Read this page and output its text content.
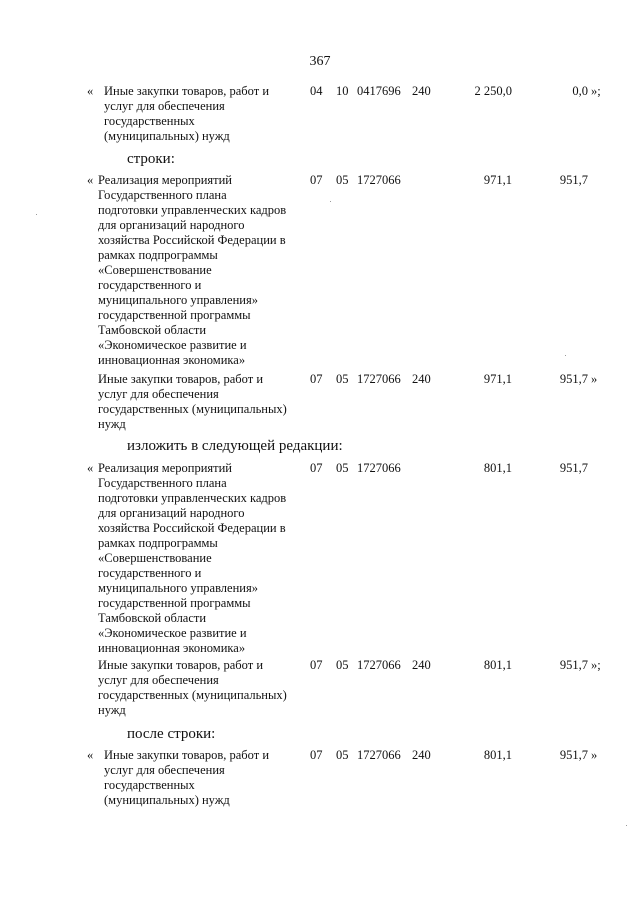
367
« Иные закупки товаров, работ и
услуг для обеспечения
государственных
(муниципальных) нужд
04 10 0417696 240	2 250,0	0,0 »;
строки:
« Реализация мероприятий
Государственного плана
подготовки управленческих кадров
для организаций народного
хозяйства Российской Федерации в
рамках подпрограммы
«Совершенствование
государственного и
муниципального управления»
государственной программы
Тамбовской области
«Экономическое развитие и
инновационная экономика»
07 05 1727066	971,1	951,7
Иные закупки товаров, работ и
услуг для обеспечения
государственных (муниципальных)
нужд
07 05 1727066 240	971,1	951,7 »
изложить в следующей редакции:
« Реализация мероприятий
Государственного плана
подготовки управленческих кадров
для организаций народного
хозяйства Российской Федерации в
рамках подпрограммы
«Совершенствование
государственного и
муниципального управления»
государственной программы
Тамбовской области
«Экономическое развитие и
инновационная экономика»
07 05 1727066	801,1	951,7
Иные закупки товаров, работ и
услуг для обеспечения
государственных (муниципальных)
нужд
07 05 1727066 240	801,1	951,7 »;
после строки:
« Иные закупки товаров, работ и
услуг для обеспечения
государственных
(муниципальных) нужд
07 05 1727066 240	801,1	951,7 »
